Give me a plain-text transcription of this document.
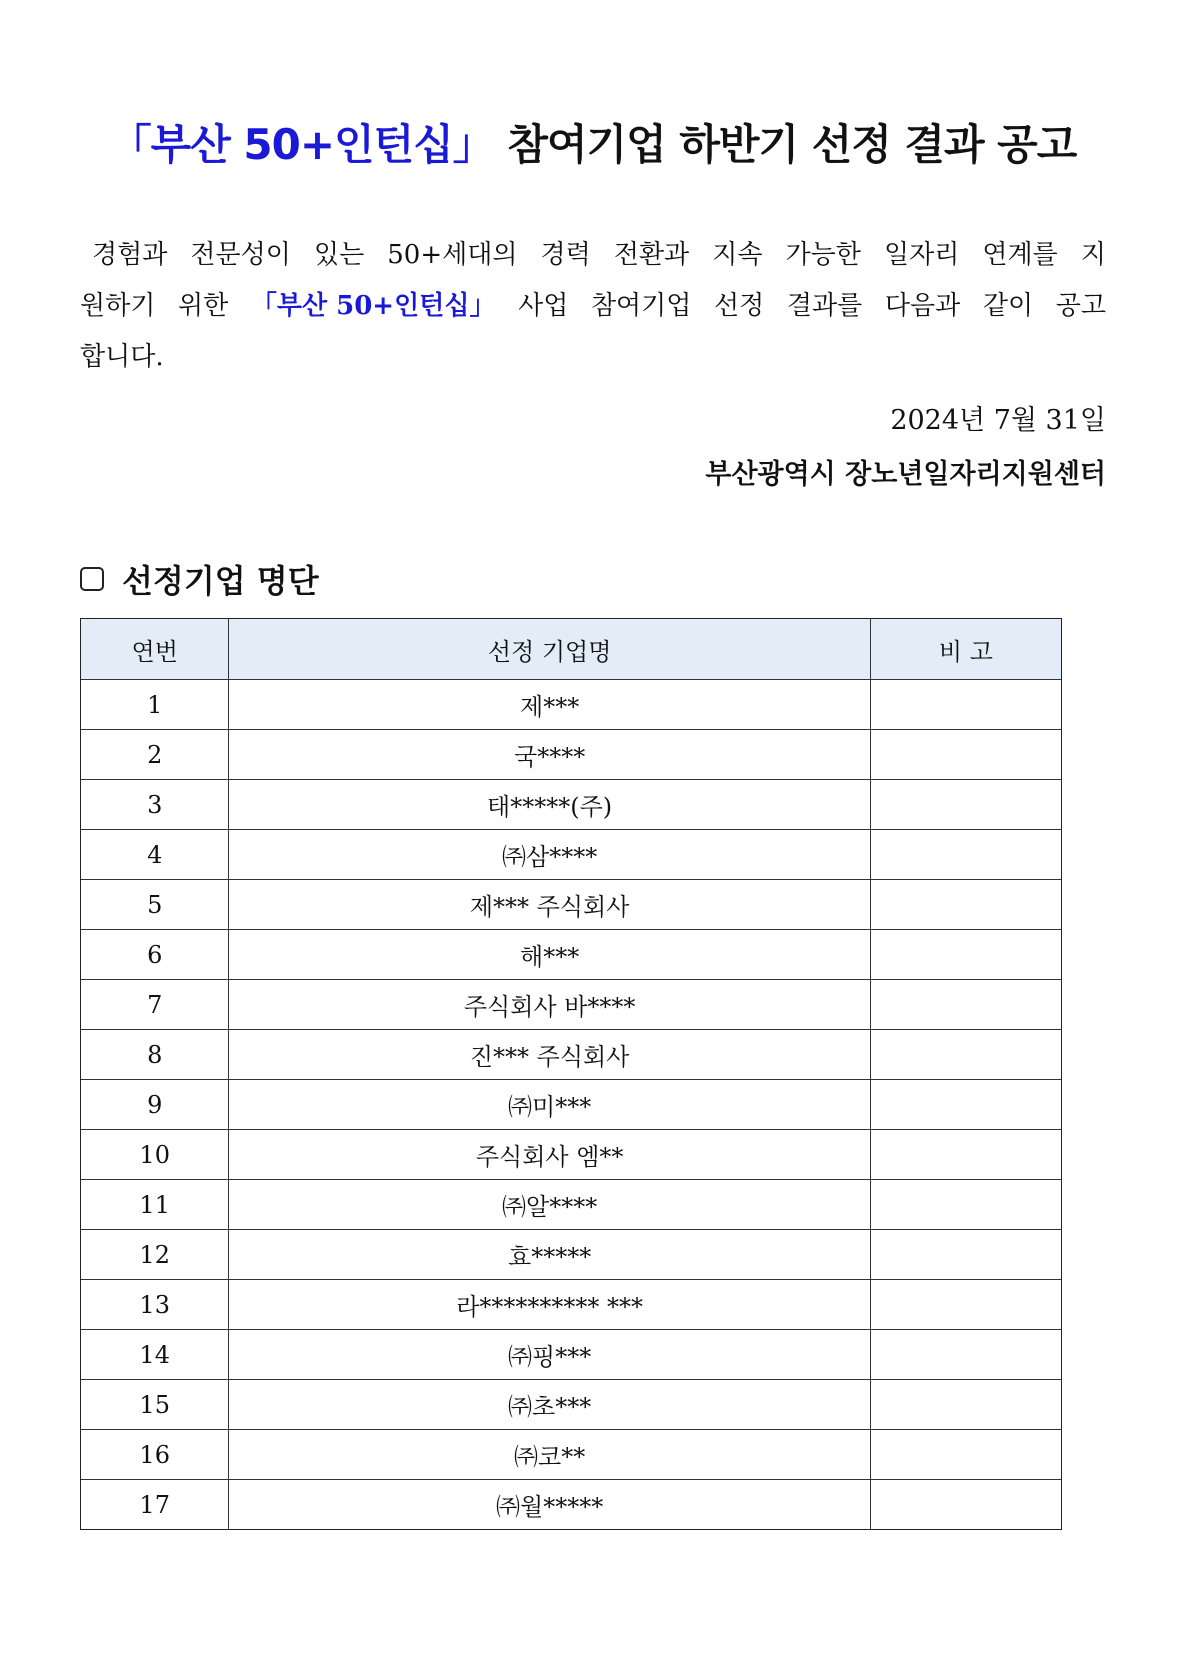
「부산 50+인턴십」 참여기업 하반기 선정 결과 공고
경험과 전문성이 있는 50+세대의 경력 전환과 지속 가능한 일자리 연계를 지
원하기 위한 「부산 50+인턴십」 사업 참여기업 선정 결과를 다음과 같이 공고
합니다.
2024년 7월 31일
부산광역시 장노년일자리지원센터
선정기업 명단
연번	선정 기업명	비 고
1	제***	
2	국****	
3	태*****(주)	
4	㈜삼****	
5	제*** 주식회사	
6	해***	
7	주식회사 바****	
8	진*** 주식회사	
9	㈜미***	
10	주식회사 엠**	
11	㈜알****	
12	효*****	
13	라********** ***	
14	㈜핑***	
15	㈜초***	
16	㈜코**	
17	㈜월*****	
